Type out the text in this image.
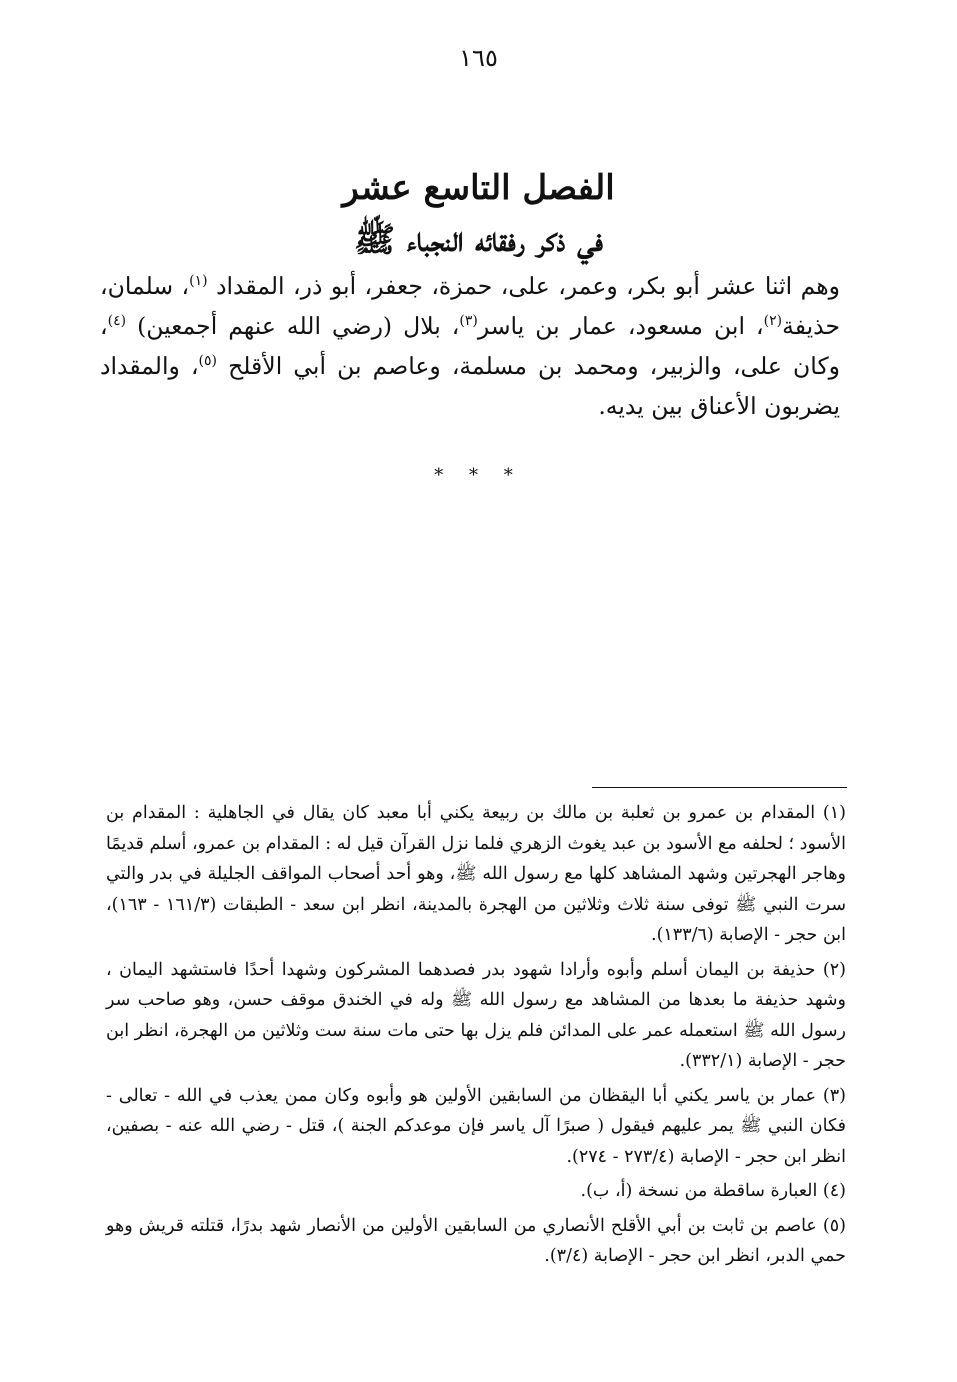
١٦٥
الفصل التاسع عشر
في ذكر رفقائه النجباء ﷺ

وهم اثنا عشر أبو بكر، وعمر، على، حمزة، جعفر، أبو ذر، المقداد $^{(١)}$، سلمان، حذيفة$^{(٢)}$، ابن مسعود، عمار بن ياسر$^{(٣)}$، بلال (رضي الله عنهم أجمعين) $^{(٤)}$، وكان على، والزبير، ومحمد بن مسلمة، وعاصم بن أبي الأقلح $^{(٥)}$، والمقداد يضربون الأعناق بين يديه.

* * *

(١) المقدام بن عمرو بن ثعلبة بن مالك بن ربيعة يكني أبا معبد كان يقال في الجاهلية : المقدام بن الأسود ؛ لحلفه مع الأسود بن عبد يغوث الزهري فلما نزل القرآن قيل له : المقدام بن عمرو، أسلم قديمًا وهاجر الهجرتين وشهد المشاهد كلها مع رسول الله ﷺ، وهو أحد أصحاب المواقف الجليلة في بدر والتي سرت النبي ﷺ توفى سنة ثلاث وثلاثين من الهجرة بالمدينة، انظر ابن سعد - الطبقات (١٦١/٣ - ١٦٣)، ابن حجر - الإصابة (١٣٣/٦).

(٢) حذيفة بن اليمان أسلم وأبوه وأرادا شهود بدر فصدهما المشركون وشهدا أحدًا فاستشهد اليمان ، وشهد حذيفة ما بعدها من المشاهد مع رسول الله ﷺ وله في الخندق موقف حسن، وهو صاحب سر رسول الله ﷺ استعمله عمر على المدائن فلم يزل بها حتى مات سنة ست وثلاثين من الهجرة، انظر ابن حجر - الإصابة (٣٣٢/١).

(٣) عمار بن ياسر يكني أبا اليقظان من السابقين الأولين هو وأبوه وكان ممن يعذب في الله - تعالى - فكان النبي ﷺ يمر عليهم فيقول ( صبرًا آل ياسر فإن موعدكم الجنة )، قتل - رضي الله عنه - بصفين، انظر ابن حجر - الإصابة (٢٧٣/٤ - ٢٧٤).

(٤) العبارة ساقطة من نسخة (أ، ب).

(٥) عاصم بن ثابت بن أبي الأقلح الأنصاري من السابقين الأولين من الأنصار شهد بدرًا، قتلته قريش وهو حمي الدبر، انظر ابن حجر - الإصابة (٣/٤).
